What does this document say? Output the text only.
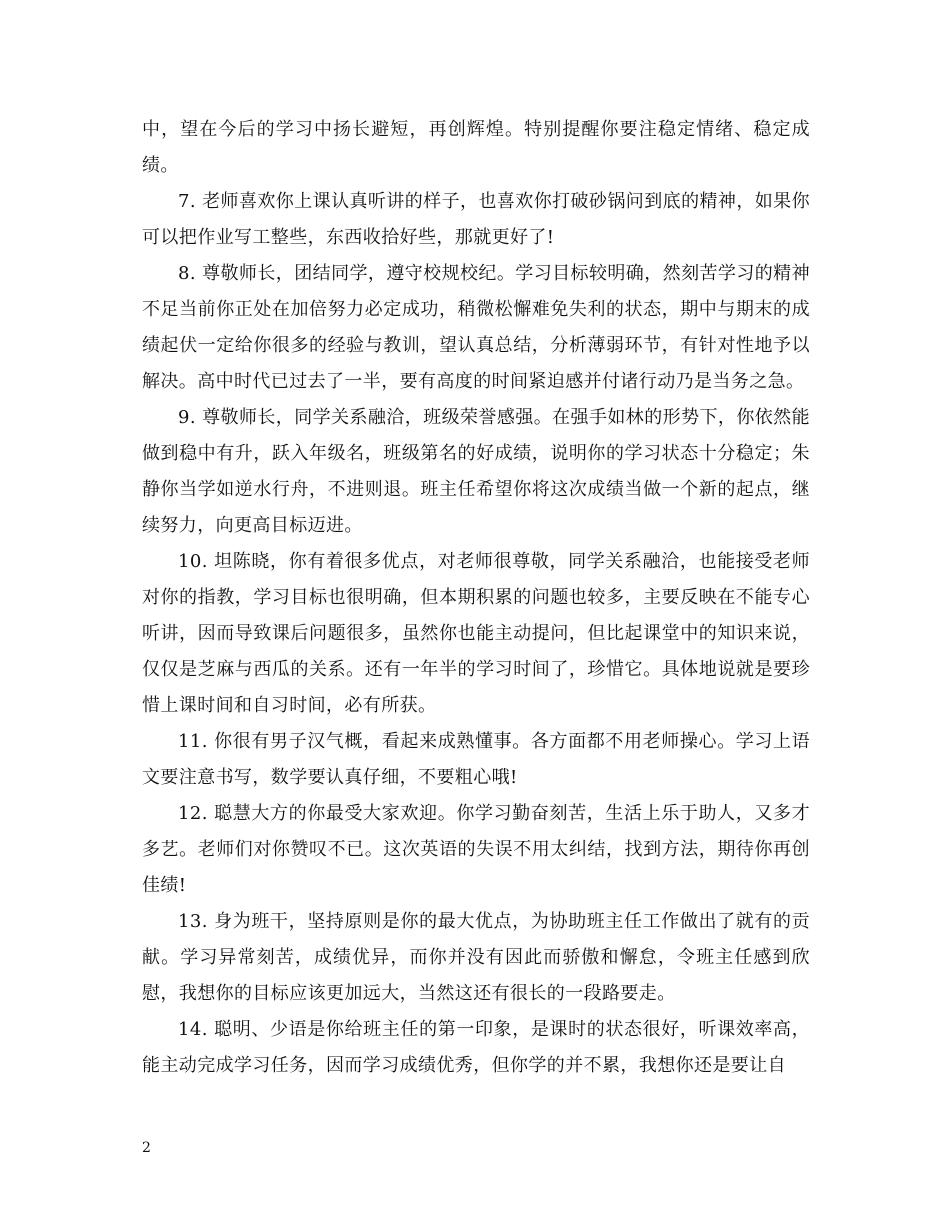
中，望在今后的学习中扬长避短，再创辉煌。特别提醒你要注稳定情绪、稳定成绩。

7. 老师喜欢你上课认真听讲的样子，也喜欢你打破砂锅问到底的精神，如果你可以把作业写工整些，东西收拾好些，那就更好了!

8. 尊敬师长，团结同学，遵守校规校纪。学习目标较明确，然刻苦学习的精神不足当前你正处在加倍努力必定成功，稍微松懈难免失利的状态，期中与期末的成绩起伏一定给你很多的经验与教训，望认真总结，分析薄弱环节，有针对性地予以解决。高中时代已过去了一半，要有高度的时间紧迫感并付诸行动乃是当务之急。

9. 尊敬师长，同学关系融洽，班级荣誉感强。在强手如林的形势下，你依然能做到稳中有升，跃入年级名，班级第名的好成绩，说明你的学习状态十分稳定；朱静你当学如逆水行舟，不进则退。班主任希望你将这次成绩当做一个新的起点，继续努力，向更高目标迈进。

10. 坦陈晓，你有着很多优点，对老师很尊敬，同学关系融洽，也能接受老师对你的指教，学习目标也很明确，但本期积累的问题也较多，主要反映在不能专心听讲，因而导致课后问题很多，虽然你也能主动提问，但比起课堂中的知识来说，仅仅是芝麻与西瓜的关系。还有一年半的学习时间了，珍惜它。具体地说就是要珍惜上课时间和自习时间，必有所获。

11. 你很有男子汉气概，看起来成熟懂事。各方面都不用老师操心。学习上语文要注意书写，数学要认真仔细，不要粗心哦!

12. 聪慧大方的你最受大家欢迎。你学习勤奋刻苦，生活上乐于助人，又多才多艺。老师们对你赞叹不已。这次英语的失误不用太纠结，找到方法，期待你再创佳绩!

13. 身为班干，坚持原则是你的最大优点，为协助班主任工作做出了就有的贡献。学习异常刻苦，成绩优异，而你并没有因此而骄傲和懈怠，令班主任感到欣慰，我想你的目标应该更加远大，当然这还有很长的一段路要走。

14. 聪明、少语是你给班主任的第一印象，是课时的状态很好，听课效率高，能主动完成学习任务，因而学习成绩优秀，但你学的并不累，我想你还是要让自

2
